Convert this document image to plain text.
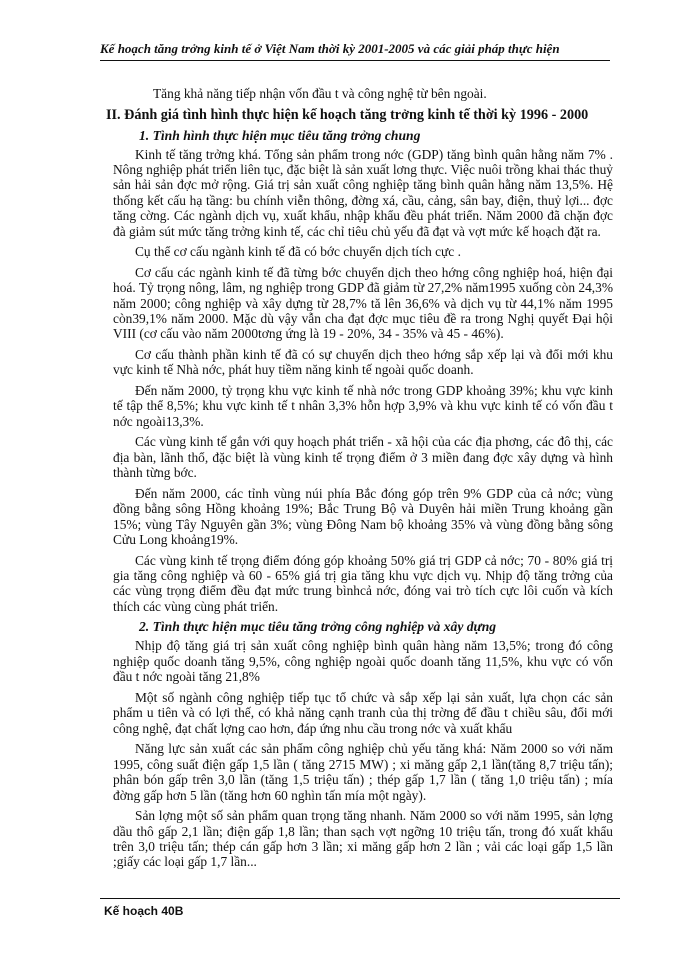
Kế hoạch tăng trởng kinh tế ở Việt Nam thời kỳ 2001-2005 và các giải pháp thực hiện
Tăng khả năng tiếp nhận vốn đầu t và công nghệ từ bên ngoài.
II. Đánh giá tình hình thực hiện kế hoạch tăng trởng kinh tế thời kỳ 1996 - 2000
1. Tình hình thực hiện mục tiêu tăng trởng chung
Kinh tế tăng trởng khá. Tổng sản phẩm trong nớc (GDP) tăng bình quân hằng năm 7% . Nông nghiệp phát triển liên tục, đặc biệt là sản xuất lơng thực. Việc nuôi trồng khai thác thuỷ sản hải sản đợc mở rộng. Giá trị sản xuất công nghiệp tăng bình quân hằng năm 13,5%. Hệ thống kết cấu hạ tầng: bu chính viễn thông, đờng xá, cầu, cảng, sân bay, điện, thuỷ lợi... đợc tăng cờng. Các ngành dịch vụ, xuất khẩu, nhập khẩu đều phát triển. Năm 2000 đã chặn đợc đà giảm sút mức tăng trởng kinh tế, các chỉ tiêu chủ yếu đã đạt và vợt mức kế hoạch đặt ra.
Cụ thể cơ cấu ngành kinh tế đã có bớc chuyển dịch tích cực .
Cơ cấu các ngành kinh tế đã từng bớc chuyển dịch theo hớng công nghiệp hoá, hiện đại hoá. Tỷ trọng nông, lâm, ng nghiệp trong GDP đã giảm từ 27,2% năm1995 xuống còn 24,3% năm 2000; công nghiệp và xây dựng từ 28,7% tă lên 36,6% và dịch vụ từ 44,1% năm 1995 còn39,1% năm 2000. Mặc dù vậy vẫn cha đạt đợc mục tiêu đề ra trong Nghị quyết Đại hội VIII (cơ cấu vào năm 2000tơng ứng là 19 - 20%, 34 - 35% và 45 - 46%).
Cơ cấu thành phần kinh tế đã có sự chuyển dịch theo hớng sắp xếp lại và đổi mới khu vực kinh tế Nhà nớc, phát huy tiềm năng kinh tế ngoài quốc doanh.
Đến năm 2000, tỷ trọng khu vực kinh tế nhà nớc trong GDP khoảng 39%; khu vực kinh tế tập thể 8,5%; khu vực kinh tế t nhân 3,3% hỗn hợp 3,9% và khu vực kinh tế có vốn đầu t nớc ngoài13,3%.
Các vùng kinh tế gắn với quy hoạch phát triển - xã hội của các địa phơng, các đô thị, các địa bàn, lãnh thổ, đặc biệt là vùng kinh tế trọng điểm ở 3 miền đang đợc xây dựng và hình thành từng bớc.
Đến năm 2000, các tỉnh vùng núi phía Bắc đóng góp trên 9% GDP của cả nớc; vùng đồng bằng sông Hồng khoảng 19%; Bắc Trung Bộ và Duyên hải miền Trung khoảng gần 15%; vùng Tây Nguyên gần 3%; vùng Đông Nam bộ khoảng 35% và vùng đồng bằng sông Cửu Long khoảng19%.
Các vùng kinh tế trọng điểm đóng góp khoảng 50% giá trị GDP cả nớc; 70 - 80% giá trị gia tăng công nghiệp và 60 - 65% giá trị gia tăng khu vực dịch vụ. Nhịp độ tăng trởng của các vùng trọng điểm đều đạt mức trung bìnhcả nớc, đóng vai trò tích cực lôi cuốn và kích thích các vùng cùng phát triển.
2. Tình thực hiện mục tiêu tăng trởng công nghiệp và xây dựng
Nhịp độ tăng giá trị sản xuất công nghiệp bình quân hàng năm 13,5%; trong đó công nghiệp quốc doanh tăng 9,5%, công nghiệp ngoài quốc doanh tăng 11,5%, khu vực có vốn đầu t nớc ngoài tăng 21,8%
Một số ngành công nghiệp tiếp tục tổ chức và sắp xếp lại sản xuất, lựa chọn các sản phẩm u tiên và có lợi thế, có khả năng cạnh tranh của thị trờng để đầu t chiều sâu, đổi mới công nghệ, đạt chất lợng cao hơn, đáp ứng nhu cầu trong nớc và xuất khẩu
Năng lực sản xuất các sản phẩm công nghiệp chủ yếu tăng khá: Năm 2000 so với năm 1995, công suất điện gấp 1,5 lần ( tăng 2715 MW) ; xi măng gấp 2,1 lần(tăng 8,7 triệu tấn); phân bón gấp trên 3,0 lần (tăng 1,5 triệu tấn) ; thép gấp 1,7 lần ( tăng 1,0 triệu tấn) ; mía đờng gấp hơn 5 lần (tăng hơn 60 nghìn tấn mía một ngày).
Sản lợng một số sản phẩm quan trọng tăng nhanh. Năm 2000 so với năm 1995, sản lợng dầu thô gấp 2,1 lần; điện gấp 1,8 lần; than sạch vợt ngỡng 10 triệu tấn, trong đó xuất khẩu trên 3,0 triệu tấn; thép cán gấp hơn 3 lần; xi măng gấp hơn 2 lần ; vải các loại gấp 1,5 lần ;giấy các loại gấp 1,7 lần...
Kế hoạch 40B
